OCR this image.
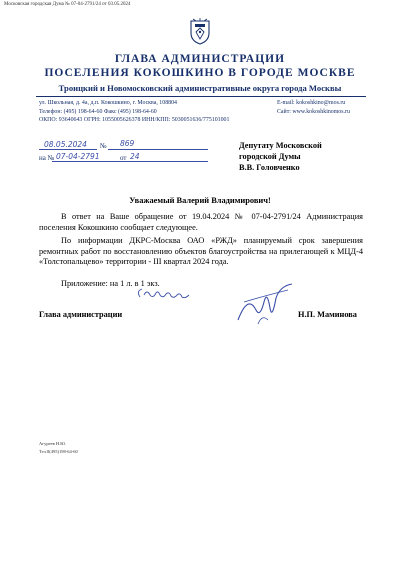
Московская городская Дума № 07-04-2791/24 от 03.05.2024
ГЛАВА АДМИНИСТРАЦИИ
ПОСЕЛЕНИЯ КОКОШКИНО В ГОРОДЕ МОСКВЕ
Троицкий и Новомосковский административные округа города Москвы
ул. Школьная, д. 4а, д.п. Кокошкино, г. Москва, 108804
Телефон: (495) 198-64-60 Факс (495) 198-64-60
ОКПО: 93640643 ОГРН: 1055005626378 ИНН/КПП: 5030051636/775101001
E-mail: kokoshkino@mos.ru
Сайт: www.kokoshkinomos.ru
08.05.2024 № 869
на № 07-04-2791	от 24
Депутату Московской
городской Думы
В.В. Головченко
Уважаемый Валерий Владимирович!
В ответ на Ваше обращение от 19.04.2024 № 07-04-2791/24 Администрация поселения Кокошкино сообщает следующее.
По информации ДКРС-Москва ОАО «РЖД» планируемый срок завершения ремонтных работ по восстановлению объектов благоустройства на прилегающей к МЦД-4 «Толстопальцево» территории - III квартал 2024 года.
Приложение: на 1 л. в 1 экз.
Глава администрации	Н.П. Маминова
Агуреев Н.Ю.
Тел.8(495)198-64-60
